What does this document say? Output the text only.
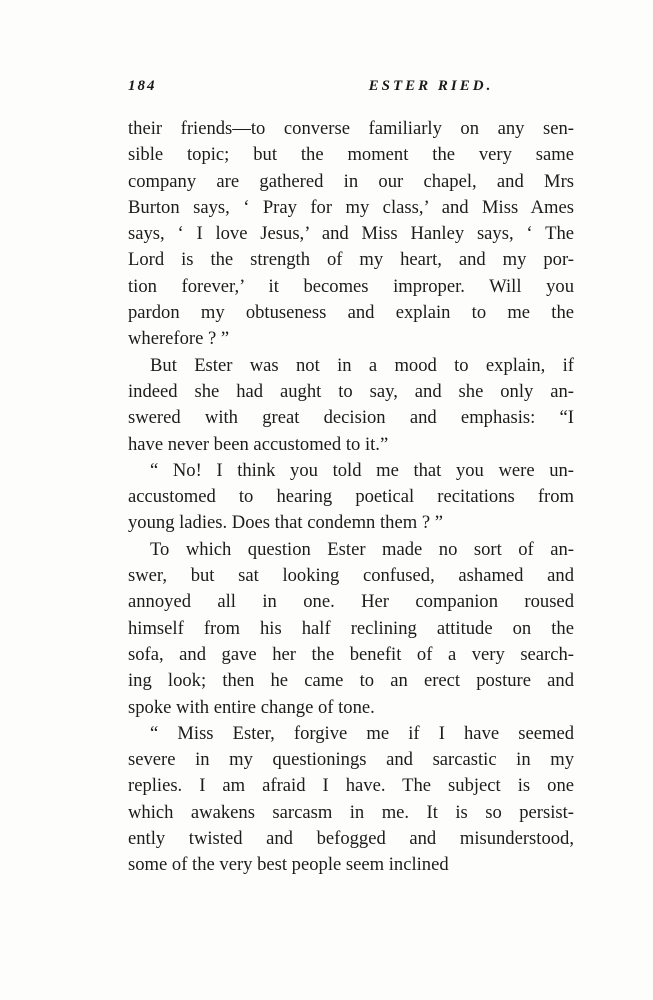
184	ESTER RIED.
their friends—to converse familiarly on any sen-
sible topic; but the moment the very same
company are gathered in our chapel, and Mrs
Burton says, ‘ Pray for my class,’ and Miss Ames
says, ‘ I love Jesus,’ and Miss Hanley says, ‘ The
Lord is the strength of my heart, and my por-
tion forever,’ it becomes improper. Will you
pardon my obtuseness and explain to me the
wherefore ? ”
But Ester was not in a mood to explain, if
indeed she had aught to say, and she only an-
swered with great decision and emphasis: “I
have never been accustomed to it.”
“ No! I think you told me that you were un-
accustomed to hearing poetical recitations from
young ladies. Does that condemn them ? ”
To which question Ester made no sort of an-
swer, but sat looking confused, ashamed and
annoyed all in one. Her companion roused
himself from his half reclining attitude on the
sofa, and gave her the benefit of a very search-
ing look; then he came to an erect posture and
spoke with entire change of tone.
“ Miss Ester, forgive me if I have seemed
severe in my questionings and sarcastic in my
replies. I am afraid I have. The subject is one
which awakens sarcasm in me. It is so persist-
ently twisted and befogged and misunderstood,
some of the very best people seem inclined
